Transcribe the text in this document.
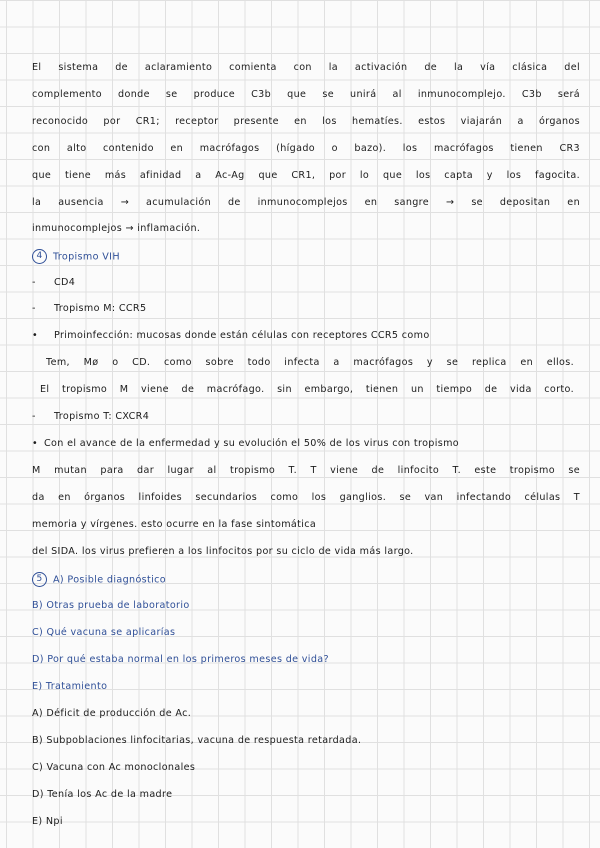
El sistema de aclaramiento comienta con la activación de la vía clásica del
complemento donde se produce C3b que se unirá al inmunocomplejo. C3b será
reconocido por CR1; receptor presente en los hematíes. estos viajarán a órganos
con alto contenido en macrófagos (hígado o bazo). los macrófagos tienen CR3
que tiene más afinidad a Ac-Ag que CR1, por lo que los capta y los fagocita.
la ausencia → acumulación de inmunocomplejos en sangre → se depositan en
inmunocomplejos → inflamación.
4 Tropismo VIH
- CD4
- Tropismo M: CCR5
• Primoinfección: mucosas donde están células con receptores CCR5 como
Tem, Mø o CD. como sobre todo infecta a macrófagos y se replica en ellos.
El tropismo M viene de macrófago. sin embargo, tienen un tiempo de vida corto.
- Tropismo T: CXCR4
• Con el avance de la enfermedad y su evolución el 50% de los virus con tropismo
M mutan para dar lugar al tropismo T. T viene de linfocito T. este tropismo se
da en órganos linfoides secundarios como los ganglios. se van infectando células T
memoria y vírgenes. esto ocurre en la fase sintomática
del SIDA. los virus prefieren a los linfocitos por su ciclo de vida más largo.
5 A) Posible diagnóstico
B) Otras prueba de laboratorio
C) Qué vacuna se aplicarías
D) Por qué estaba normal en los primeros meses de vida?
E) Tratamiento
A) Déficit de producción de Ac.
B) Subpoblaciones linfocitarias, vacuna de respuesta retardada.
C) Vacuna con Ac monoclonales
D) Tenía los Ac de la madre
E) Npi
